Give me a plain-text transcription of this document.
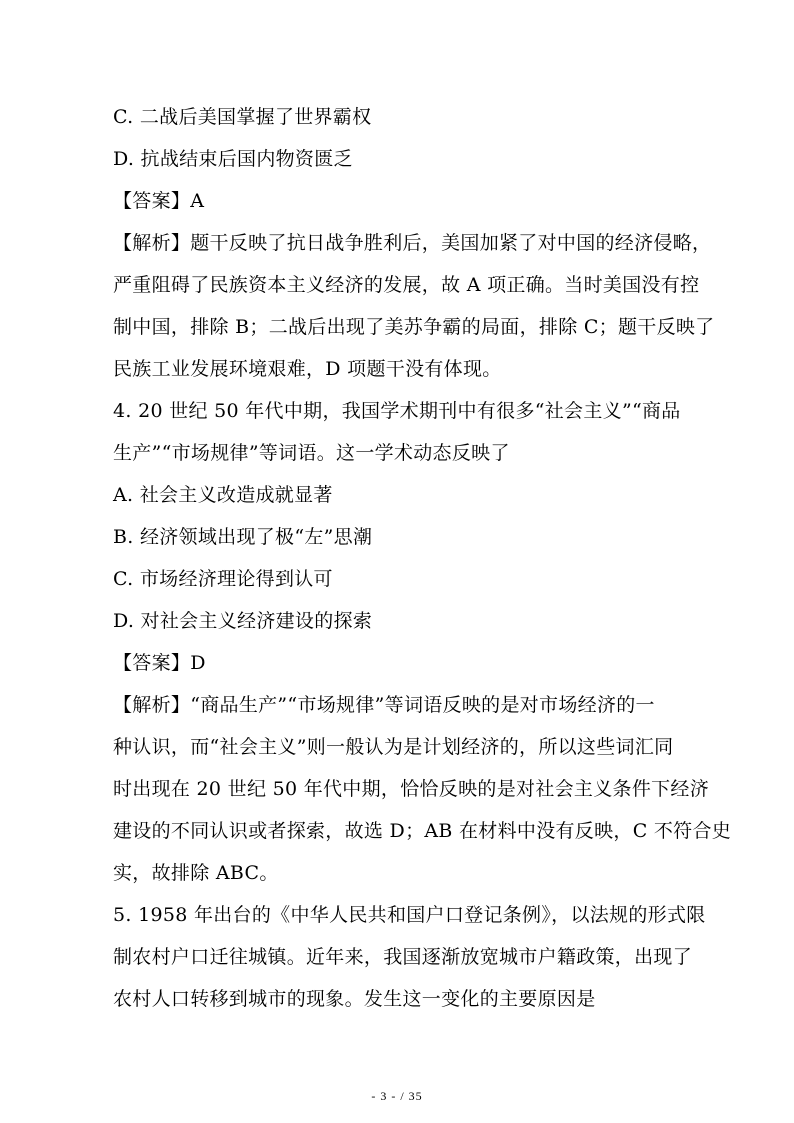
C. 二战后美国掌握了世界霸权
D. 抗战结束后国内物资匮乏
【答案】A
【解析】题干反映了抗日战争胜利后，美国加紧了对中国的经济侵略，
严重阻碍了民族资本主义经济的发展，故 A 项正确。当时美国没有控
制中国，排除 B；二战后出现了美苏争霸的局面，排除 C；题干反映了
民族工业发展环境艰难，D 项题干没有体现。
4. 20 世纪 50 年代中期，我国学术期刊中有很多“社会主义”“商品
生产”“市场规律”等词语。这一学术动态反映了
A. 社会主义改造成就显著
B. 经济领域出现了极“左”思潮
C. 市场经济理论得到认可
D. 对社会主义经济建设的探索
【答案】D
【解析】“商品生产”“市场规律”等词语反映的是对市场经济的一
种认识，而“社会主义”则一般认为是计划经济的，所以这些词汇同
时出现在 20 世纪 50 年代中期，恰恰反映的是对社会主义条件下经济
建设的不同认识或者探索，故选 D；AB 在材料中没有反映，C 不符合史
实，故排除 ABC。
5. 1958 年出台的《中华人民共和国户口登记条例》，以法规的形式限
制农村户口迁往城镇。近年来，我国逐渐放宽城市户籍政策，出现了
农村人口转移到城市的现象。发生这一变化的主要原因是
- 3 - / 35
